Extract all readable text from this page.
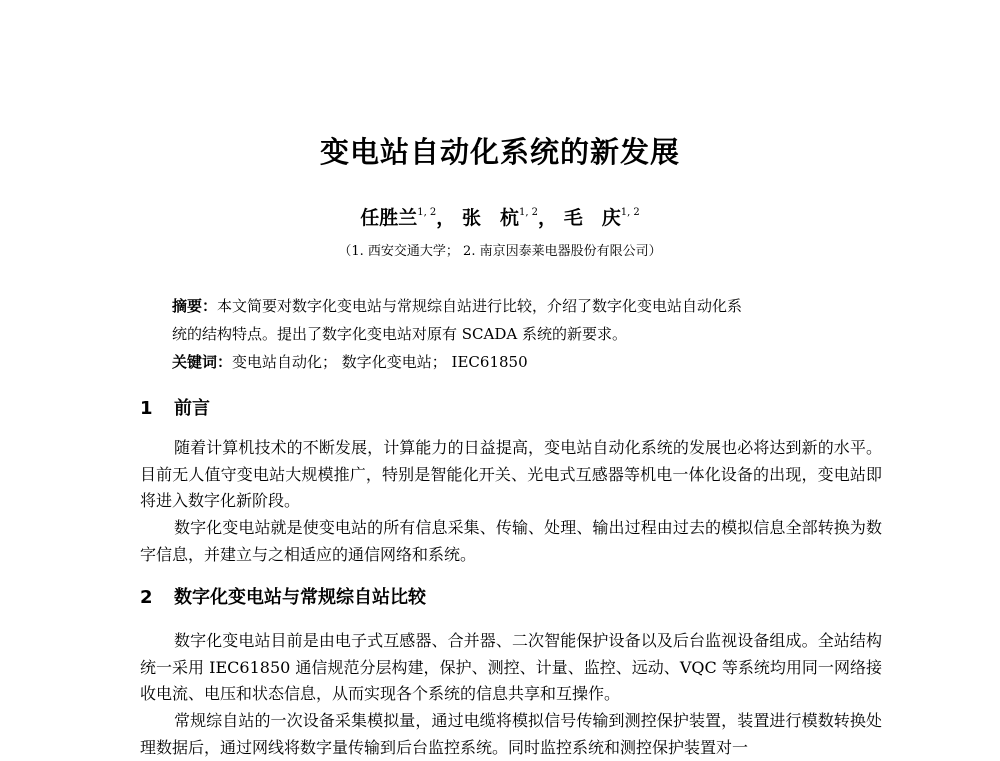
变电站自动化系统的新发展
任胜兰$^{1, 2}$， 张　杭$^{1, 2}$， 毛　庆$^{1, 2}$
（1. 西安交通大学； 2. 南京因泰莱电器股份有限公司）
摘要：本文简要对数字化变电站与常规综自站进行比较，介绍了数字化变电站自动化系
统的结构特点。提出了数字化变电站对原有 SCADA 系统的新要求。
关键词：变电站自动化； 数字化变电站； IEC61850
1 前言
随着计算机技术的不断发展，计算能力的日益提高，变电站自动化系统的发展也必将达到新的水平。目前无人值守变电站大规模推广，特别是智能化开关、光电式互感器等机电一体化设备的出现，变电站即将进入数字化新阶段。
数字化变电站就是使变电站的所有信息采集、传输、处理、输出过程由过去的模拟信息全部转换为数字信息，并建立与之相适应的通信网络和系统。
2 数字化变电站与常规综自站比较
数字化变电站目前是由电子式互感器、合并器、二次智能保护设备以及后台监视设备组成。全站结构统一采用 IEC61850 通信规范分层构建，保护、测控、计量、监控、远动、VQC 等系统均用同一网络接收电流、电压和状态信息，从而实现各个系统的信息共享和互操作。
常规综自站的一次设备采集模拟量，通过电缆将模拟信号传输到测控保护装置，装置进行模数转换处理数据后，通过网线将数字量传输到后台监控系统。同时监控系统和测控保护装置对一
